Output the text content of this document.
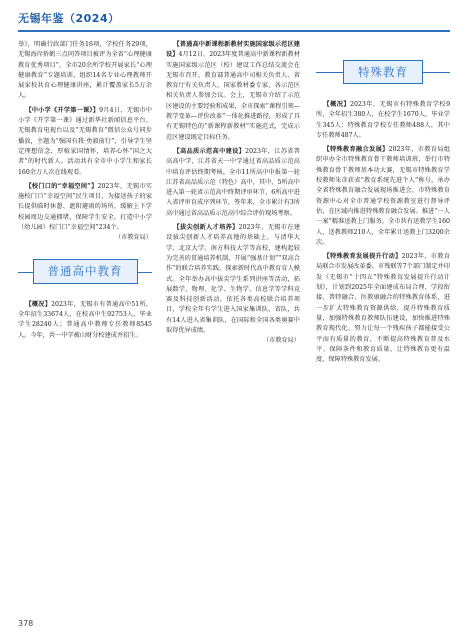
无锡年鉴（2024）

举》，明确行政部门任务16项，学校任务29项，无锡海岸侨鹤三点问答项目被评为全省“心理健康教育优秀项目”，全市20余所学校开展家长“心理健康教育”专题培训，组织14名专业心理教师开展家校共育心理健康讲座，累计覆盖家长5万余人。

【中小学《开学第一课》】9月4日，无锡市中小学《开学第一课》通过新华社新闻信息平台、无锡教育电视台以及“无锡教育”微信公众号同步播放，主题为“强国有我·勇毅前行”，引导学生坚定理想信念，厚植家国情怀，培养心怀“国之大者”的时代新人。活动共有全市中小学生和家长160余万人次在线观看。

【校门口的“幸福空间”】2023年，无锡市实施校门口“幸福空间”民生项目，为接送孩子的家长提供临时休憩、遮阳避雨的场所，缓解上下学校园周边交通拥堵，保障学生安全，打造中小学（幼儿园）校门口“幸福空间”234个。

（市教育局）

普通高中教育

【概况】2023年，无锡市有普通高中51所，全年招生33674人，在校高中生92753人，毕业学生28240人；普通高中教师专任教师8545人。今年，共一中学被山财分校建成并招生。

【普通高中新课程新教材实施国家级示范区建设】4月12日，2023年度普通高中新课程新教材实施国家级示范区（校）建设工作总结交流会在无锡市召开，教育部普通高中司相关负责人、省教育厅有关负责人、国家教材委专家、各示范区相关负责人参加会议。会上，无锡市介绍了示范区建设的主要经验和成果，全市探索“课程引领—教学变革—评价改革”一体化推进路径，形成了具有无锡特色的“新课程新教材”实施范式，完成示范区建设既定目标任务。

【高品质示范高中建设】2023年，江苏省普高高中学，江苏省天一中学通过省高品质示范高中培育评估终期考核。全市11所高中申报第一轮江苏省高品质示范（特色）高中，其中，5所高中进入第一轮省示范高中终期评审环节，6所高中进入省评审育成序列环节，签年来，全市累计有3所高中通过省高品质示范高中综合评价现场考察。

【拔尖创新人才培养】2023年，无锡市在建设拔尖创新人才培养高地的基础上，与清华大学、北京大学、南方科技大学等高校，建构起较为完善的贯通培养机制，开展“强基计划”“双高合作”的联合培养实践，探索新时代高中教育育人模式。全年举办高中拔尖学生系列讲座等活动，拓展数学、物理、化学、生物学、信息学等学科竞赛及科技创新活动，依托各类高校联合培养项目，学校全年有学生进入国家集训队、省队，共有14人进入省集训队，在国际和全国各类奥赛中取得优异成绩。

（市教育局）

特殊教育

【概况】2023年，无锡市有特殊教育学校9所，全年招生380人，在校学生1670人，毕业学生345人；特殊教育学校专任教师488人，其中专任教师487人。

【特殊教育融合发展】2023年，市教育局组织申办全市特殊教育骨干教师培训班，举行市特殊教育骨干教师基本功大赛，无锡市特殊教育学校教师朱彦获省“教育系统先进个人”称号，承办全省特殊教育融合发展现场推进会，市特殊教育资源中心对全市普通学校资源教室进行督导评估，在区域内推进特殊教育融合发展。推进“一人一案”精准送教上门服务，全市共有送教学生160人，送教教师210人，全年累计送教上门3200余次。

【特殊教育发展提升行动】2023年，市教育局联合市发展改革委、市残联等7个部门制定并印发《无锡市“十四五”特殊教育发展提升行动计划》，计划到2025年全面建成布局合理、学段衔接、普特融合、医教康融合的特殊教育体系，进一步扩大特殊教育资源供给，提升特殊教育质量，加强特殊教育教师队伍建设，加快推进特殊教育现代化，努力让每一个残疾孩子都能接受公平而有质量的教育，不断提高特殊教育普及水平、保障条件和教育质量，让特殊教育更有温度、保障特殊教育发展。

378
